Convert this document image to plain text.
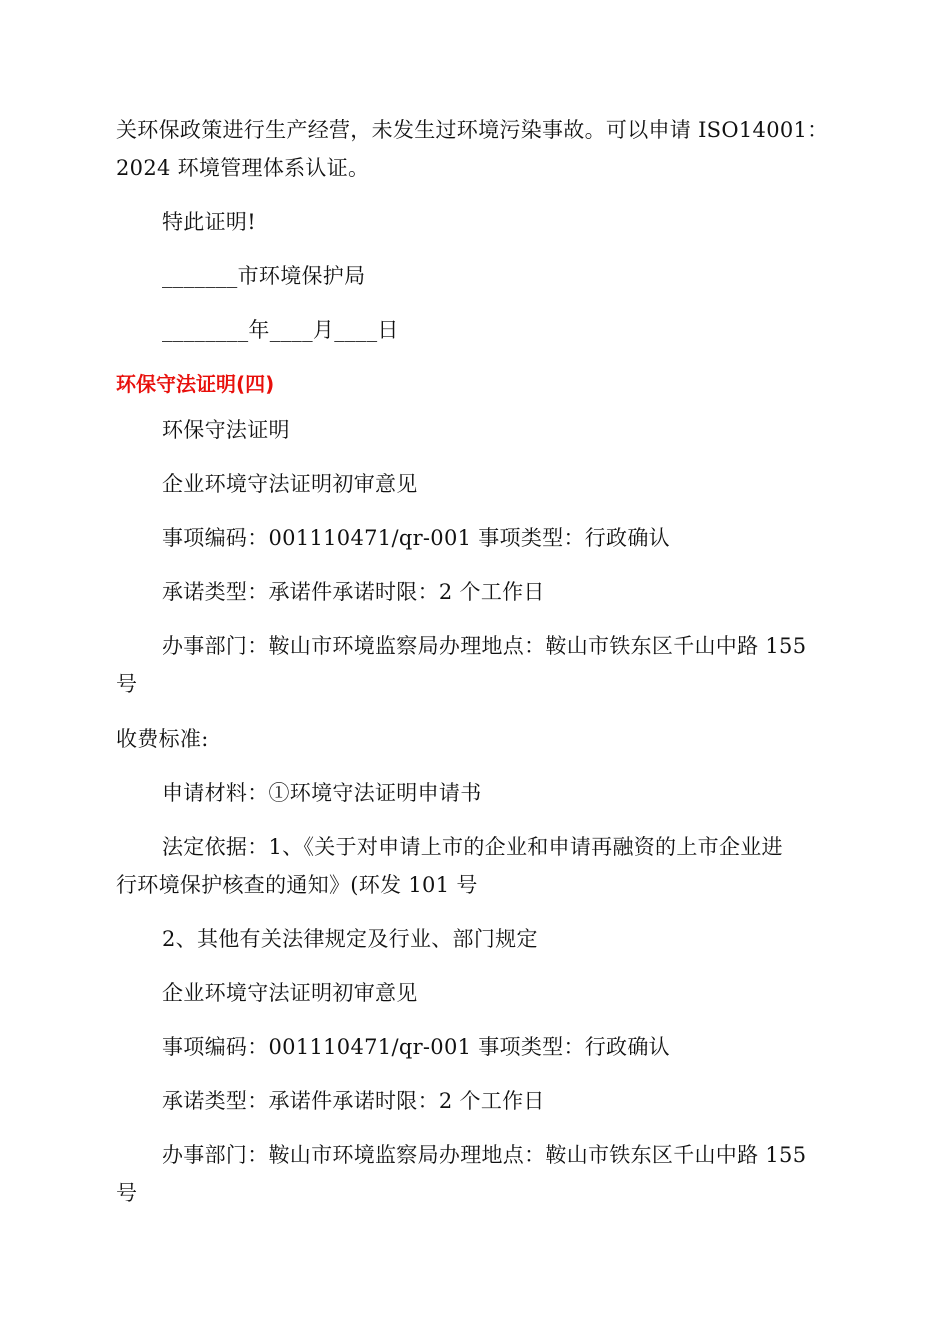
关环保政策进行生产经营，未发生过环境污染事故。可以申请 ISO14001：
2024 环境管理体系认证。
特此证明!
_______市环境保护局
________年____月____日
环保守法证明(四)
环保守法证明
企业环境守法证明初审意见
事项编码：001110471/qr-001 事项类型：行政确认
承诺类型：承诺件承诺时限：2 个工作日
办事部门：鞍山市环境监察局办理地点：鞍山市铁东区千山中路 155
号
收费标准:
申请材料：①环境守法证明申请书
法定依据：1、《关于对申请上市的企业和申请再融资的上市企业进
行环境保护核查的通知》(环发 101 号
2、其他有关法律规定及行业、部门规定
企业环境守法证明初审意见
事项编码：001110471/qr-001 事项类型：行政确认
承诺类型：承诺件承诺时限：2 个工作日
办事部门：鞍山市环境监察局办理地点：鞍山市铁东区千山中路 155
号
